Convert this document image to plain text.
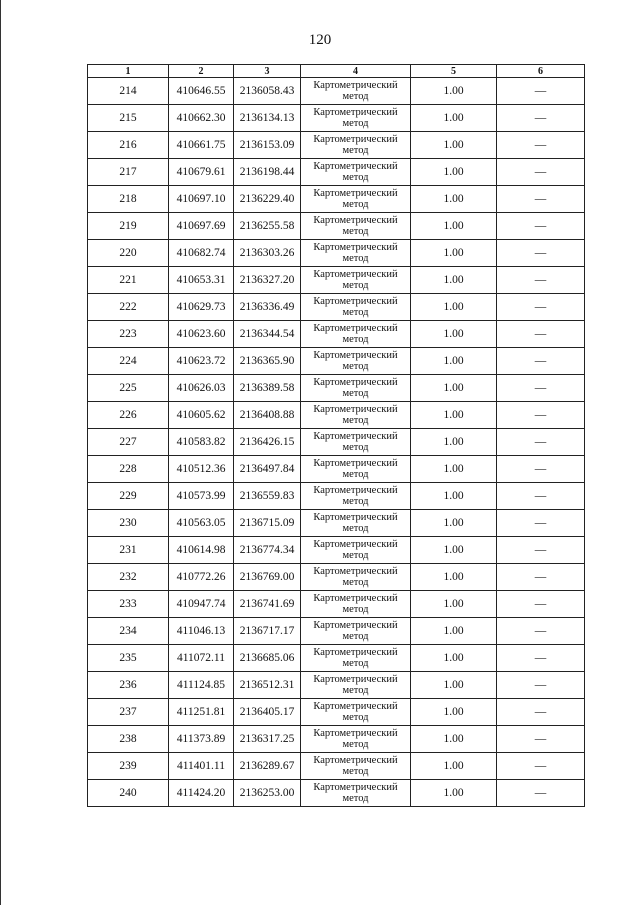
120
1	2	3	4	5	6
214	410646.55	2136058.43	Картометрический метод	1.00	—
215	410662.30	2136134.13	Картометрический метод	1.00	—
216	410661.75	2136153.09	Картометрический метод	1.00	—
217	410679.61	2136198.44	Картометрический метод	1.00	—
218	410697.10	2136229.40	Картометрический метод	1.00	—
219	410697.69	2136255.58	Картометрический метод	1.00	—
220	410682.74	2136303.26	Картометрический метод	1.00	—
221	410653.31	2136327.20	Картометрический метод	1.00	—
222	410629.73	2136336.49	Картометрический метод	1.00	—
223	410623.60	2136344.54	Картометрический метод	1.00	—
224	410623.72	2136365.90	Картометрический метод	1.00	—
225	410626.03	2136389.58	Картометрический метод	1.00	—
226	410605.62	2136408.88	Картометрический метод	1.00	—
227	410583.82	2136426.15	Картометрический метод	1.00	—
228	410512.36	2136497.84	Картометрический метод	1.00	—
229	410573.99	2136559.83	Картометрический метод	1.00	—
230	410563.05	2136715.09	Картометрический метод	1.00	—
231	410614.98	2136774.34	Картометрический метод	1.00	—
232	410772.26	2136769.00	Картометрический метод	1.00	—
233	410947.74	2136741.69	Картометрический метод	1.00	—
234	411046.13	2136717.17	Картометрический метод	1.00	—
235	411072.11	2136685.06	Картометрический метод	1.00	—
236	411124.85	2136512.31	Картометрический метод	1.00	—
237	411251.81	2136405.17	Картометрический метод	1.00	—
238	411373.89	2136317.25	Картометрический метод	1.00	—
239	411401.11	2136289.67	Картометрический метод	1.00	—
240	411424.20	2136253.00	Картометрический метод	1.00	—
